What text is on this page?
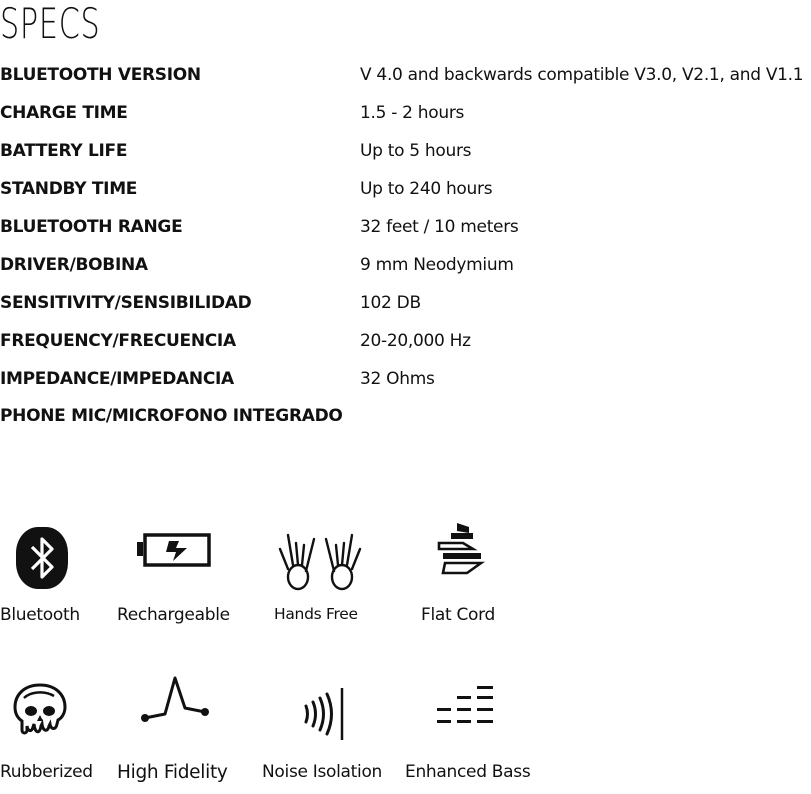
SPECS
BLUETOOTH VERSION	V 4.0 and backwards compatible V3.0, V2.1, and V1.1
CHARGE TIME	1.5 - 2 hours
BATTERY LIFE	Up to 5 hours
STANDBY TIME	Up to 240 hours
BLUETOOTH RANGE	32 feet / 10 meters
DRIVER/BOBINA	9 mm Neodymium
SENSITIVITY/SENSIBILIDAD	102 DB
FREQUENCY/FRECUENCIA	20-20,000 Hz
IMPEDANCE/IMPEDANCIA	32 Ohms
PHONE MIC/MICROFONO INTEGRADO
Bluetooth Rechargeable	Hands Free	Flat Cord
Rubberized High Fidelity Noise Isolation Enhanced Bass
